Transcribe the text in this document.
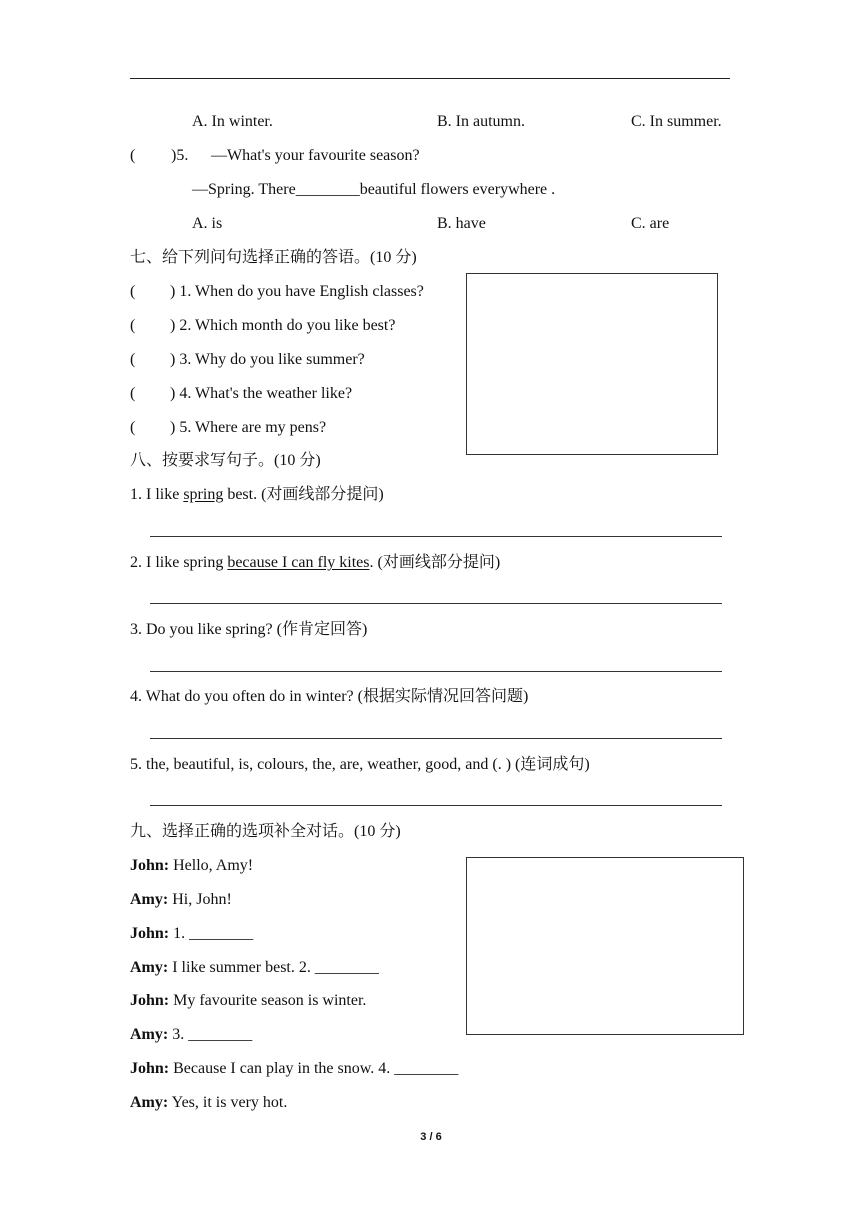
A. In winter.	B. In autumn.	C. In summer.
( )5. —What's your favourite season?
—Spring. There________beautiful flowers everywhere .
A. is	B. have	C. are
七、给下列问句选择正确的答语。(10 分)
( ) 1. When do you have English classes?
( ) 2. Which month do you like best?
( ) 3. Why do you like summer?
( ) 4. What's the weather like?
( ) 5. Where are my pens?
八、按要求写句子。(10 分)
1. I like spring best. (对画线部分提问)
2. I like spring because I can fly kites. (对画线部分提问)
3. Do you like spring? (作肯定回答)
4. What do you often do in winter? (根据实际情况回答问题)
5. the, beautiful, is, colours, the, are, weather, good, and (. ) (连词成句)
九、选择正确的选项补全对话。(10 分)
John: Hello, Amy!
Amy: Hi, John!
John: 1. ________
Amy: I like summer best. 2. ________
John: My favourite season is winter.
Amy: 3. ________
John: Because I can play in the snow. 4. ________
Amy: Yes, it is very hot.
3 / 6
